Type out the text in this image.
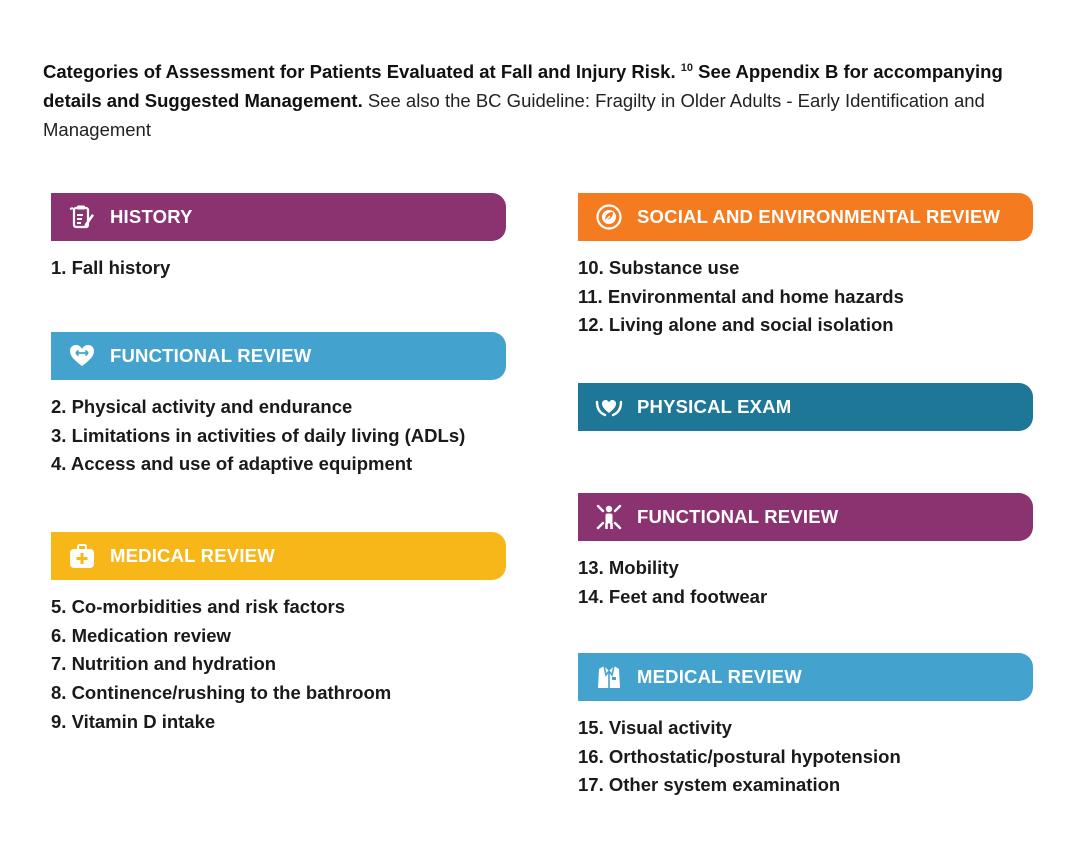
Categories of Assessment for Patients Evaluated at Fall and Injury Risk. $^{10}$ See Appendix B for accompanying details and Suggested Management. See also the BC Guideline: Fragilty in Older Adults - Early Identification and Management
HISTORY
1. Fall history
FUNCTIONAL REVIEW
2. Physical activity and endurance
3. Limitations in activities of daily living (ADLs)
4. Access and use of adaptive equipment
MEDICAL REVIEW
5. Co-morbidities and risk factors
6. Medication review
7. Nutrition and hydration
8. Continence/rushing to the bathroom
9. Vitamin D intake
SOCIAL AND ENVIRONMENTAL REVIEW
10. Substance use
11. Environmental and home hazards
12. Living alone and social isolation
PHYSICAL EXAM
FUNCTIONAL REVIEW
13. Mobility
14. Feet and footwear
MEDICAL REVIEW
15. Visual activity
16. Orthostatic/postural hypotension
17. Other system examination
